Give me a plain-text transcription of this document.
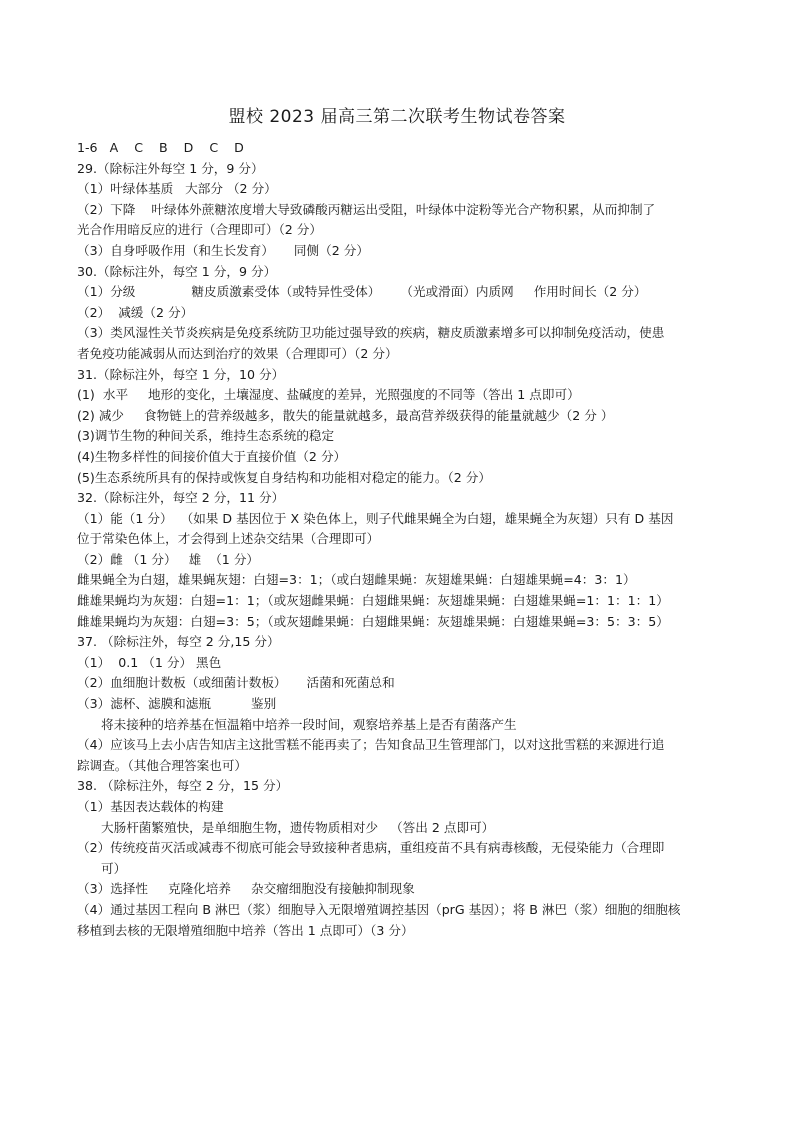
盟校 2023 届高三第二次联考生物试卷答案
1-6   A    C    B    D    C    D
29.（除标注外每空 1 分，9 分）
（1）叶绿体基质   大部分 （2 分）
（2）下降    叶绿体外蔗糖浓度增大导致磷酸丙糖运出受阻，叶绿体中淀粉等光合产物积累，从而抑制了
光合作用暗反应的进行（合理即可）（2 分）
（3）自身呼吸作用（和生长发育）     同侧（2 分）
30.（除标注外，每空 1 分，9 分）
（1）分级              糖皮质激素受体（或特异性受体）     （光或滑面）内质网     作用时间长（2 分）
（2）  减缓（2 分）
（3）类风湿性关节炎疾病是免疫系统防卫功能过强导致的疾病，糖皮质激素增多可以抑制免疫活动，使患
者免疫功能减弱从而达到治疗的效果（合理即可）（2 分）
31.（除标注外，每空 1 分，10 分）
(1)  水平     地形的变化，土壤湿度、盐碱度的差异，光照强度的不同等（答出 1 点即可）
(2) 减少     食物链上的营养级越多，散失的能量就越多，最高营养级获得的能量就越少（2 分 ）
(3)调节生物的种间关系，维持生态系统的稳定
(4)生物多样性的间接价值大于直接价值（2 分）
(5)生态系统所具有的保持或恢复自身结构和功能相对稳定的能力。（2 分）
32.（除标注外，每空 2 分，11 分）
（1）能（1 分）  （如果 D 基因位于 X 染色体上，则子代雌果蝇全为白翅，雄果蝇全为灰翅）只有 D 基因
位于常染色体上，才会得到上述杂交结果（合理即可）
（2）雌 （1 分）   雄  （1 分）
雌果蝇全为白翅，雄果蝇灰翅：白翅=3：1；（或白翅雌果蝇：灰翅雄果蝇：白翅雄果蝇=4：3：1）
雌雄果蝇均为灰翅：白翅=1：1；（或灰翅雌果蝇：白翅雌果蝇：灰翅雄果蝇：白翅雄果蝇=1：1：1：1）
雌雄果蝇均为灰翅：白翅=3：5；（或灰翅雌果蝇：白翅雌果蝇：灰翅雄果蝇：白翅雄果蝇=3：5：3：5）
37. （除标注外，每空 2 分,15 分）
（1）  0.1 （1 分） 黑色
（2）血细胞计数板（或细菌计数板）     活菌和死菌总和
（3）滤杯、滤膜和滤瓶          鉴别
将未接种的培养基在恒温箱中培养一段时间，观察培养基上是否有菌落产生
（4）应该马上去小店告知店主这批雪糕不能再卖了；告知食品卫生管理部门，以对这批雪糕的来源进行追
踪调查。（其他合理答案也可）
38. （除标注外，每空 2 分，15 分）
（1）基因表达载体的构建
大肠杆菌繁殖快，是单细胞生物，遗传物质相对少   （答出 2 点即可）
（2）传统疫苗灭活或减毒不彻底可能会导致接种者患病，重组疫苗不具有病毒核酸，无侵染能力（合理即
可）
（3）选择性     克隆化培养     杂交瘤细胞没有接触抑制现象
（4）通过基因工程向 B 淋巴（浆）细胞导入无限增殖调控基因（prG 基因）；将 B 淋巴（浆）细胞的细胞核
移植到去核的无限增殖细胞中培养（答出 1 点即可）（3 分）
